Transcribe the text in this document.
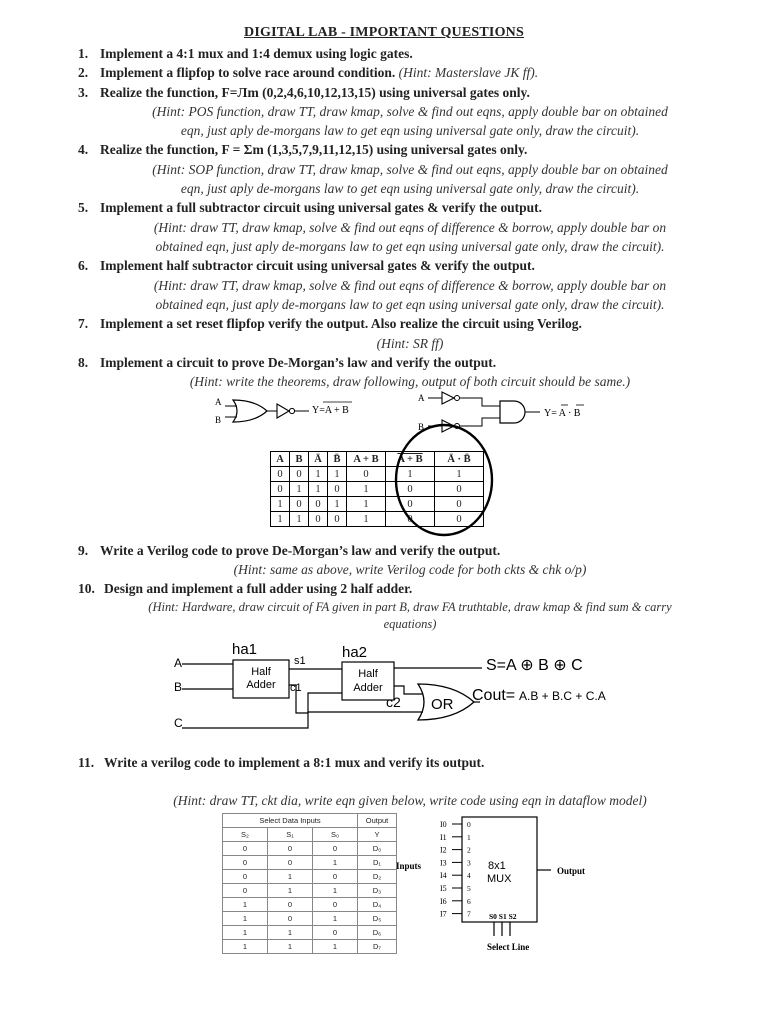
DIGITAL LAB - IMPORTANT QUESTIONS
1. Implement a 4:1 mux and 1:4 demux using logic gates.
2. Implement a flipfop to solve race around condition. (Hint: Masterslave JK ff).
3. Realize the function, F=Лm (0,2,4,6,10,12,13,15) using universal gates only.
(Hint: POS function, draw TT, draw kmap, solve & find out eqns, apply double bar on obtained
eqn, just aply de-morgans law to get eqn using universal gate only, draw the circuit).
4. Realize the function, F = Σm (1,3,5,7,9,11,12,15) using universal gates only.
(Hint: SOP function, draw TT, draw kmap, solve & find out eqns, apply double bar on obtained
eqn, just aply de-morgans law to get eqn using universal gate only, draw the circuit).
5. Implement a full subtractor circuit using universal gates & verify the output.
(Hint: draw TT, draw kmap, solve & find out eqns of difference & borrow, apply double bar on
obtained eqn, just aply de-morgans law to get eqn using universal gate only, draw the circuit).
6. Implement half subtractor circuit using universal gates & verify the output.
(Hint: draw TT, draw kmap, solve & find out eqns of difference & borrow, apply double bar on
obtained eqn, just aply de-morgans law to get eqn using universal gate only, draw the circuit).
7. Implement a set reset flipfop verify the output. Also realize the circuit using Verilog.
(Hint: SR ff)
8. Implement a circuit to prove De-Morgan’s law and verify the output.
(Hint: write the theorems, draw following, output of both circuit should be same.)
A
B
Y=A + B
A
B
Y= A · B
A	B	Ā	B̄	A + B	A + B	Ā · B̄
0	0	1	1	0	1	1
0	1	1	0	1	0	0
1	0	0	1	1	0	0
1	1	0	0	1	0	0
9. Write a Verilog code to prove De-Morgan’s law and verify the output.
(Hint: same as above, write Verilog code for both ckts & chk o/p)
10. Design and implement a full adder using 2 half adder.
(Hint: Hardware, draw circuit of FA given in part B, draw FA truthtable, draw kmap & find sum & carry
equations)
A
B
C
ha1	ha2
Half
Adder
s1
c1
Half
Adder
S=A ⊕ B ⊕ C
c2 OR
Cout= A.B + B.C + C.A
11. Write a verilog code to implement a 8:1 mux and verify its output.
(Hint: draw TT, ckt dia, write eqn given below, write code using eqn in dataflow model)
Select Data Inputs			Output
S₂	S₁	S₀	Y
0	0	0	D₀
0	0	1	D₁
0	1	0	D₂
0	1	1	D₃
1	0	0	D₄
1	0	1	D₅
1	1	0	D₆
1	1	1	D₇
I0	0
I1	1
I2	2
I3	3
I4	4
I5	5
I6	6
I7	7
Inputs	8x1
MUX
Output
S0 S1 S2
Select Line
